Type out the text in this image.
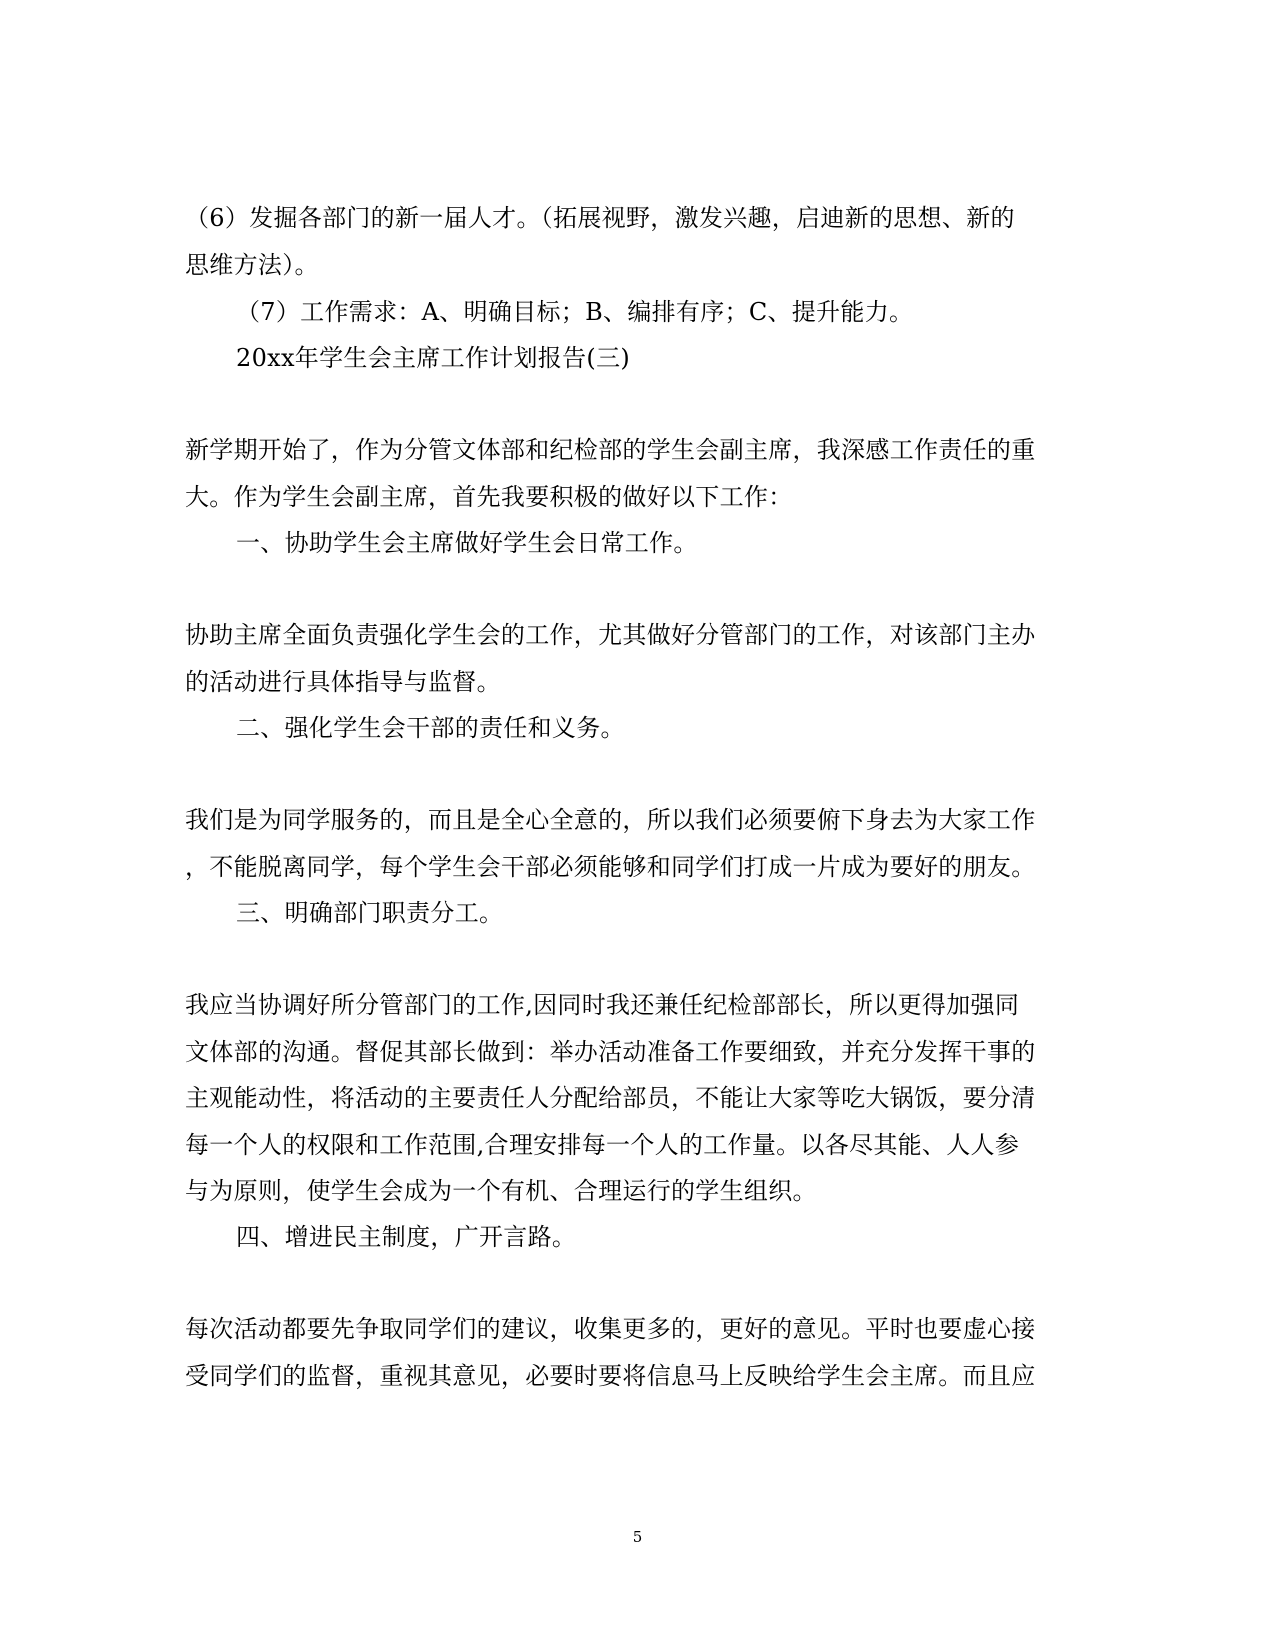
（6）发掘各部门的新一届人才。（拓展视野，激发兴趣，启迪新的思想、新的
思维方法）。
（7）工作需求：A、明确目标；B、编排有序；C、提升能力。
20xx年学生会主席工作计划报告(三)
新学期开始了，作为分管文体部和纪检部的学生会副主席，我深感工作责任的重
大。作为学生会副主席，首先我要积极的做好以下工作：
一、协助学生会主席做好学生会日常工作。
协助主席全面负责强化学生会的工作，尤其做好分管部门的工作，对该部门主办
的活动进行具体指导与监督。
二、强化学生会干部的责任和义务。
我们是为同学服务的，而且是全心全意的，所以我们必须要俯下身去为大家工作
，不能脱离同学，每个学生会干部必须能够和同学们打成一片成为要好的朋友。
三、明确部门职责分工。
我应当协调好所分管部门的工作,因同时我还兼任纪检部部长，所以更得加强同
文体部的沟通。督促其部长做到：举办活动准备工作要细致，并充分发挥干事的
主观能动性，将活动的主要责任人分配给部员，不能让大家等吃大锅饭，要分清
每一个人的权限和工作范围,合理安排每一个人的工作量。以各尽其能、人人参
与为原则，使学生会成为一个有机、合理运行的学生组织。
四、增进民主制度，广开言路。
每次活动都要先争取同学们的建议，收集更多的，更好的意见。平时也要虚心接
受同学们的监督，重视其意见，必要时要将信息马上反映给学生会主席。而且应
5
